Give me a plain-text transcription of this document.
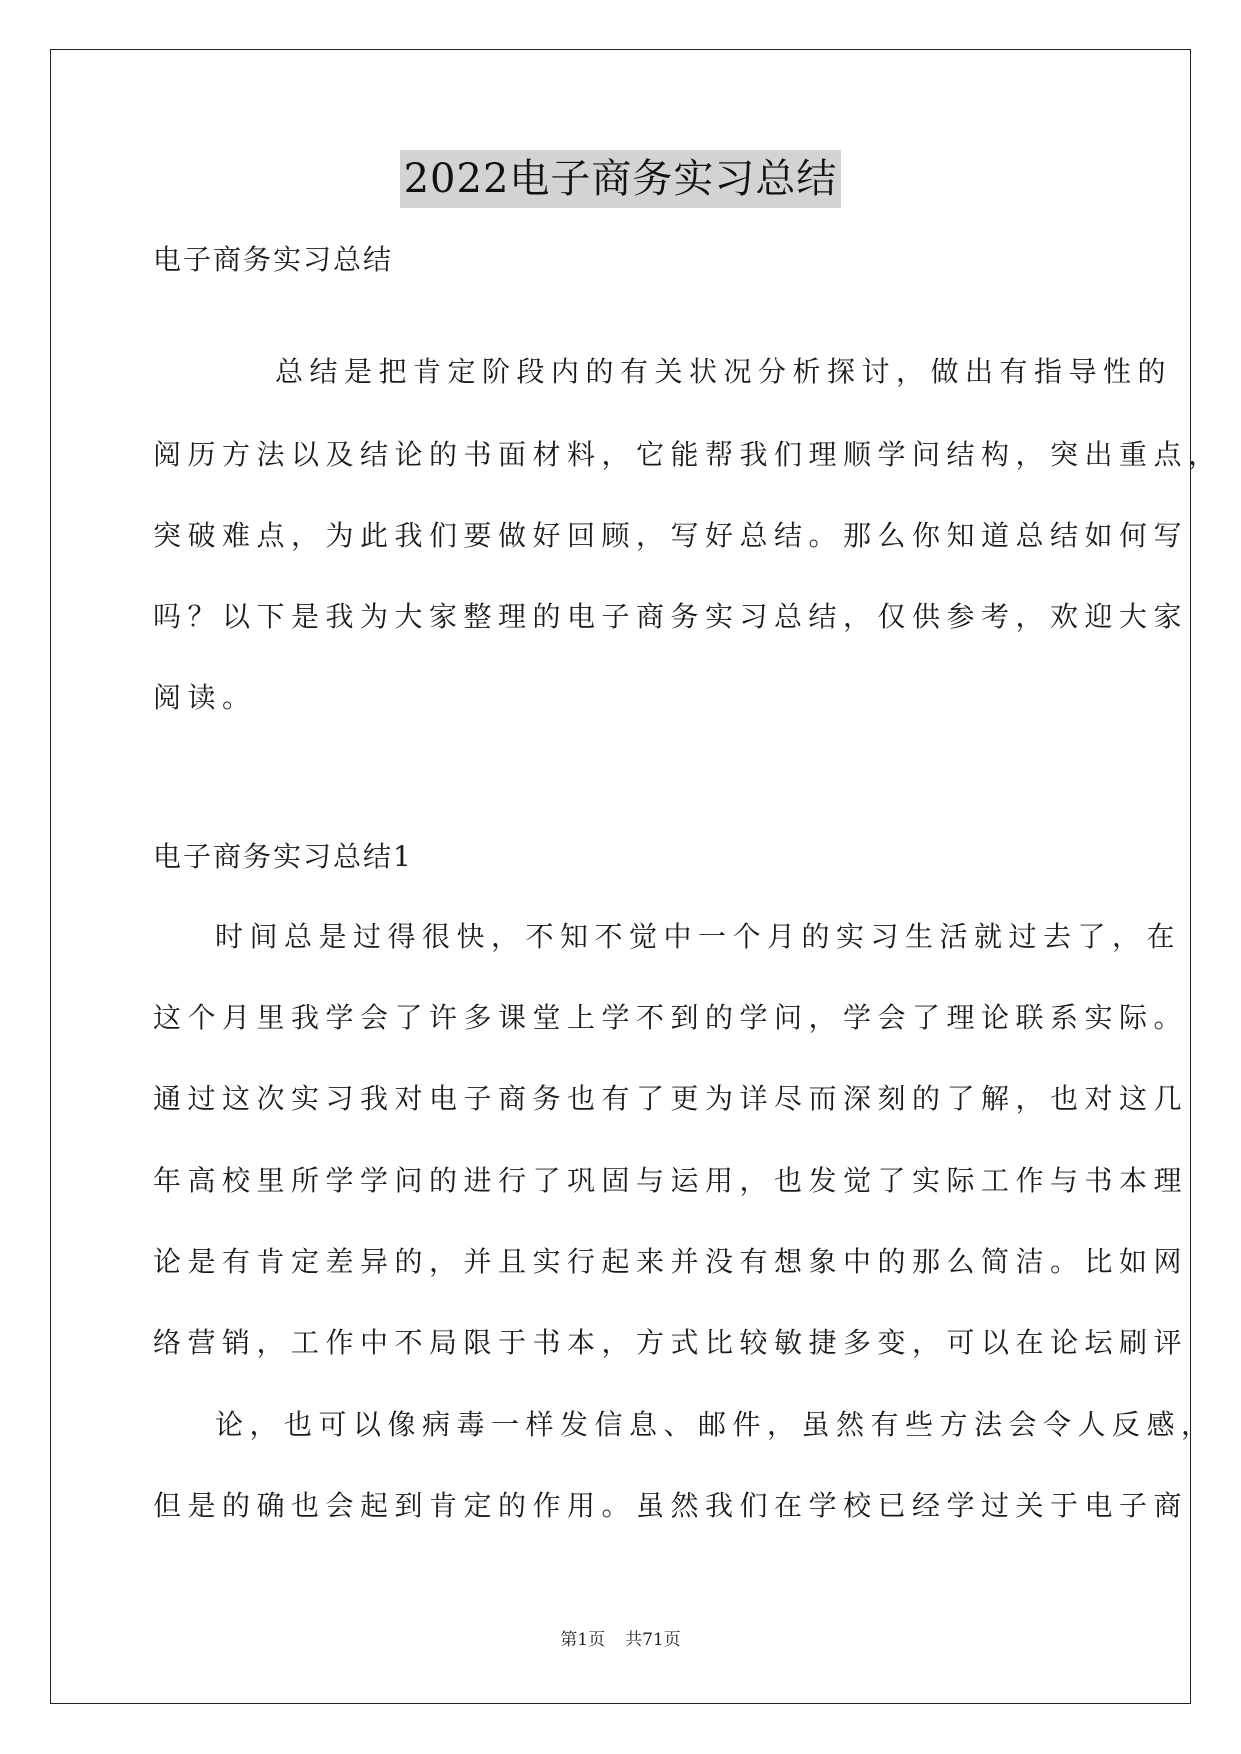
2022电子商务实习总结
电子商务实习总结
总结是把肯定阶段内的有关状况分析探讨，做出有指导性的
阅历方法以及结论的书面材料，它能帮我们理顺学问结构，突出重点，
突破难点，为此我们要做好回顾，写好总结。那么你知道总结如何写
吗？以下是我为大家整理的电子商务实习总结，仅供参考，欢迎大家
阅读。
电子商务实习总结1
时间总是过得很快，不知不觉中一个月的实习生活就过去了，在
这个月里我学会了许多课堂上学不到的学问，学会了理论联系实际。
通过这次实习我对电子商务也有了更为详尽而深刻的了解，也对这几
年高校里所学学问的进行了巩固与运用，也发觉了实际工作与书本理
论是有肯定差异的，并且实行起来并没有想象中的那么简洁。比如网
络营销，工作中不局限于书本，方式比较敏捷多变，可以在论坛刷评
论，也可以像病毒一样发信息、邮件，虽然有些方法会令人反感，
但是的确也会起到肯定的作用。虽然我们在学校已经学过关于电子商
第1页 共71页
